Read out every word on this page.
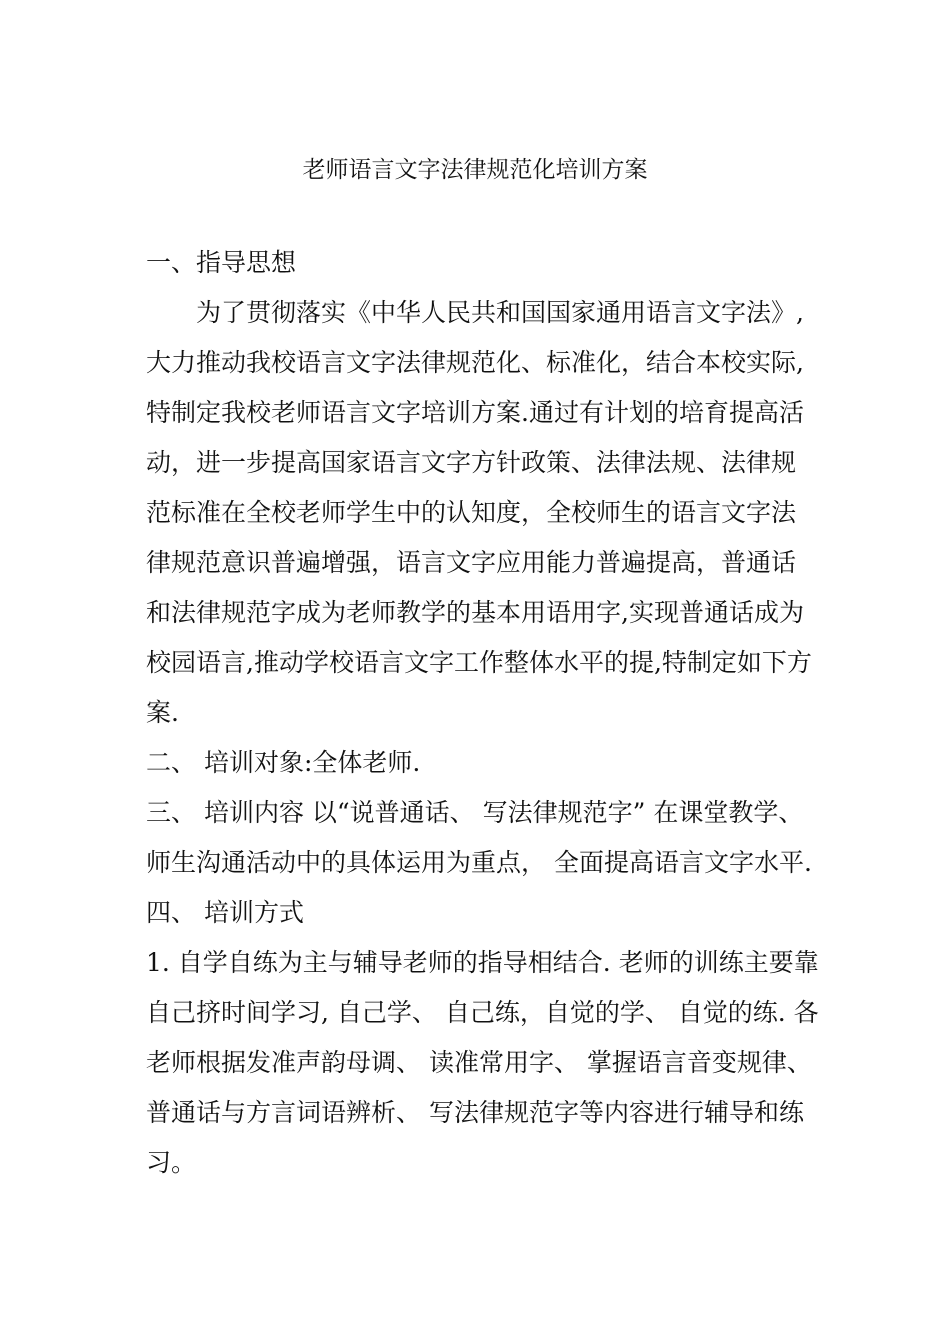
老师语言文字法律规范化培训方案
一、指导思想
为了贯彻落实《中华人民共和国国家通用语言文字法》,
大力推动我校语言文字法律规范化、标准化，结合本校实际,
特制定我校老师语言文字培训方案.通过有计划的培育提高活
动，进一步提高国家语言文字方针政策、法律法规、法律规
范标准在全校老师学生中的认知度，全校师生的语言文字法
律规范意识普遍增强，语言文字应用能力普遍提高，普通话
和法律规范字成为老师教学的基本用语用字,实现普通话成为
校园语言,推动学校语言文字工作整体水平的提,特制定如下方
案.
二、 培训对象:全体老师.
三、 培训内容 以“说普通话、 写法律规范字” 在课堂教学、
师生沟通活动中的具体运用为重点， 全面提高语言文字水平.
四、 培训方式
1. 自学自练为主与辅导老师的指导相结合. 老师的训练主要靠
自己挤时间学习, 自己学、 自己练，自觉的学、 自觉的练. 各
老师根据发准声韵母调、 读准常用字、 掌握语言音变规律、
普通话与方言词语辨析、 写法律规范字等内容进行辅导和练
习。
